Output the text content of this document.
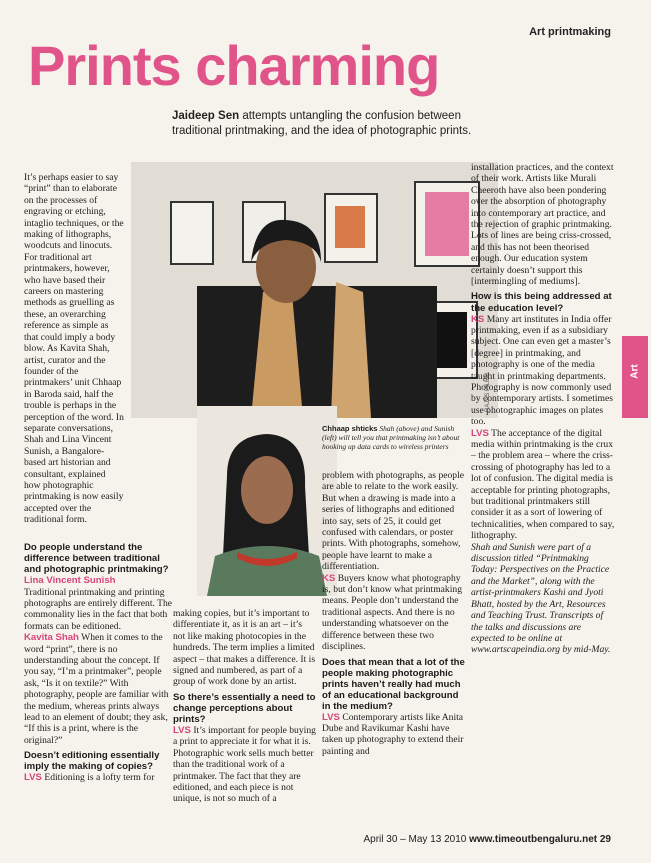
Art printmaking
Prints charming
Jaideep Sen attempts untangling the confusion between traditional printmaking, and the idea of photographic prints.
Art
RAJAS PILLAI
Chhaap shticks Shah (above) and Sunish (left) will tell you that printmaking isn’t about hooking up data cards to wireless printers

It’s perhaps easier to say “print” than to elaborate on the processes of engraving or etching, intaglio techniques, or the making of lithographs, woodcuts and linocuts. For traditional art printmakers, however, who have based their careers on mastering methods as gruelling as these, an overarching reference as simple as that could imply a body blow. As Kavita Shah, artist, curator and the founder of the printmakers’ unit Chhaap in Baroda said, half the trouble is perhaps in the perception of the word. In separate conversations, Shah and Lina Vincent Sunish, a Bangalore-based art historian and consultant, explained how photographic printmaking is now easily accepted over the traditional form.

Do people understand the difference between traditional and photographic printmaking?

Lina Vincent Sunish

Traditional printmaking and printing photographs are entirely different. The commonality lies in the fact that both formats can be editioned.

Kavita Shah When it comes to the word “print”, there is no understanding about the concept. If you say, “I’m a printmaker”, people ask, “Is it on textile?” With photography, people are familiar with the medium, whereas prints always lead to an element of doubt; they ask, “If this is a print, where is the original?”

Doesn’t editioning essentially imply the making of copies?

LVS Editioning is a lofty term for

making copies, but it’s important to differentiate it, as it is an art – it’s not like making photocopies in the hundreds. The term implies a limited aspect – that makes a difference. It is signed and numbered, as part of a group of work done by an artist.

So there’s essentially a need to change perceptions about prints?

LVS It’s important for people buying a print to appreciate it for what it is. Photographic work sells much better than the traditional work of a printmaker. The fact that they are editioned, and each piece is not unique, is not so much of a

problem with photographs, as people are able to relate to the work easily. But when a drawing is made into a series of lithographs and editioned into say, sets of 25, it could get confused with calendars, or poster prints. With photographs, somehow, people have learnt to make a differentiation.

KS Buyers know what photography is, but don’t know what printmaking means. People don’t understand the traditional aspects. And there is no understanding whatsoever on the difference between these two disciplines.

Does that mean that a lot of the people making photographic prints haven’t really had much of an educational background in the medium?

LVS Contemporary artists like Anita Dube and Ravikumar Kashi have taken up photography to extend their painting and

installation practices, and the context of their work. Artists like Murali Cheeroth have also been pondering over the absorption of photography into contemporary art practice, and the rejection of graphic printmaking. Lots of lines are being criss-crossed, and this has not been theorised enough. Our education system certainly doesn’t support this [intermingling of mediums].

How is this being addressed at the education level?

KS Many art institutes in India offer printmaking, even if as a subsidiary subject. One can even get a master’s [degree] in printmaking, and photography is one of the media taught in printmaking departments. Photography is now commonly used by contemporary artists. I sometimes use photographic images on plates too.

LVS The acceptance of the digital media within printmaking is the crux – the problem area – where the criss-crossing of photography has led to a lot of confusion. The digital media is acceptable for printing photographs, but traditional printmakers still consider it as a sort of lowering of technicalities, when compared to say, lithography.

Shah and Sunish were part of a discussion titled “Printmaking Today: Perspectives on the Practice and the Market”, along with the artist-printmakers Kashi and Jyoti Bhatt, hosted by the Art, Resources and Teaching Trust. Transcripts of the talks and discussions are expected to be online at www.artscapeindia.org by mid-May.

April 30 – May 13 2010 www.timeoutbengaluru.net 29
